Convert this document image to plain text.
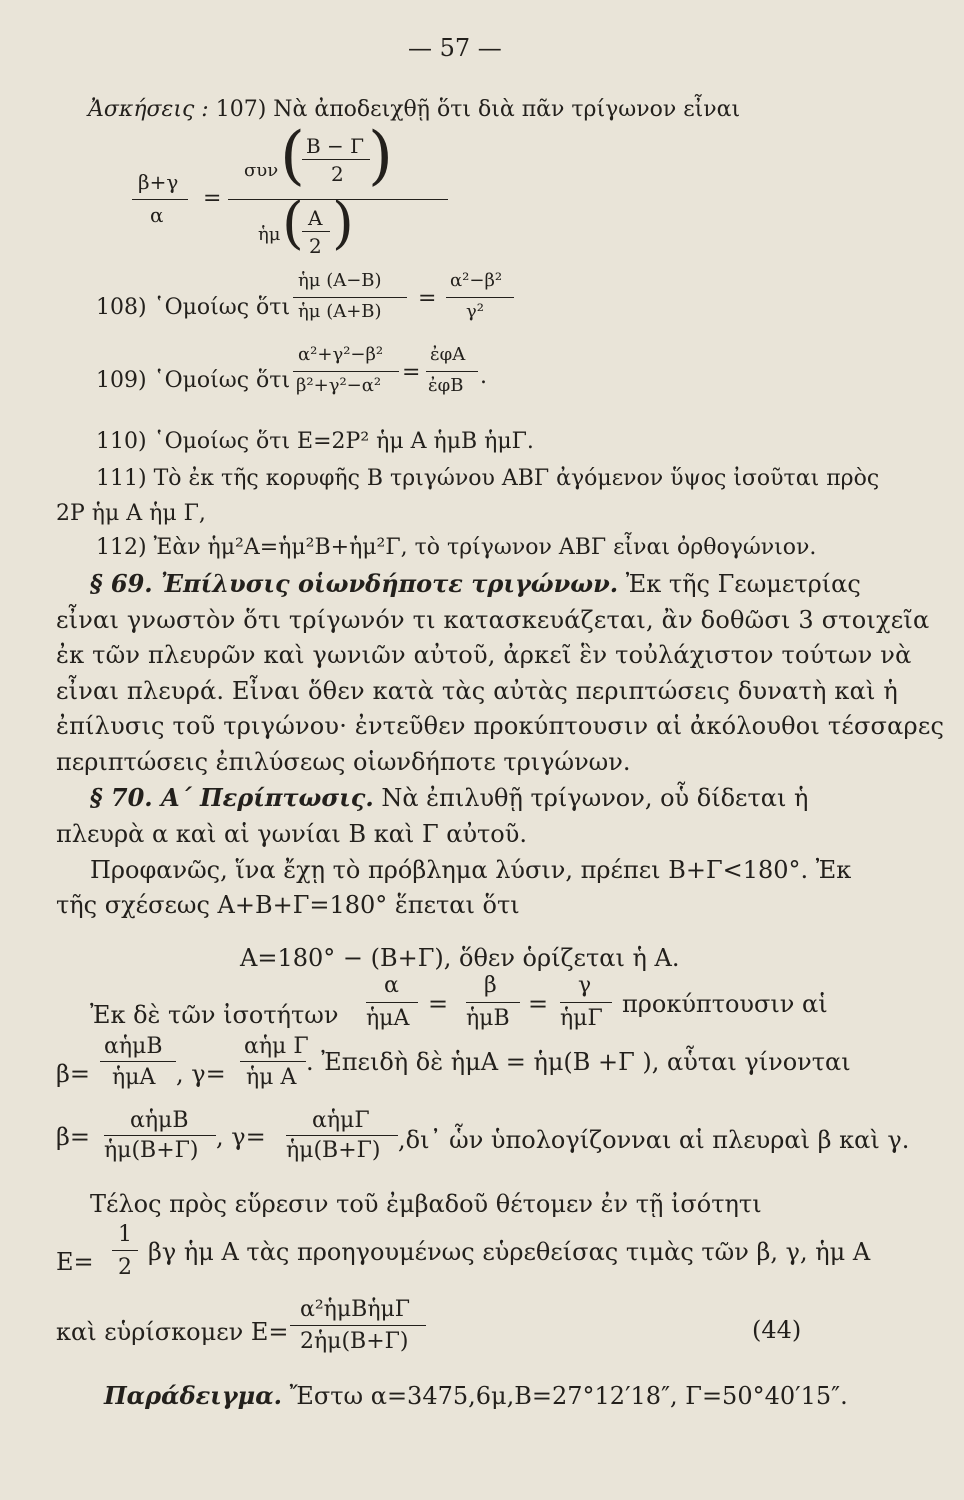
— 57 —
Ἀσκήσεις : 107) Νὰ ἀποδειχθῇ ὅτι διὰ πᾶν τρίγωνον εἶναι
β+γ
α
=
συν ( Β − Γ
2 )
ἡμ ( Α
2 )
108) ῾Ομοίως ὅτι
ἡμ (Α−Β)
ἡμ (Α+Β)
=
α²−β²
γ²
109) ῾Ομοίως ὅτι
α²+γ²−β²
β²+γ²−α²
=
ἐφΑ
ἐφΒ .
110) ῾Ομοίως ὅτι Ε=2Ρ² ἡμ Α ἡμΒ ἡμΓ.
111) Τὸ ἐκ τῆς κορυφῆς Β τριγώνου ΑΒΓ ἀγόμενον ὕψος ἰσοῦται πρὸς
2Ρ ἡμ Α ἡμ Γ,
112) Ἐὰν ἡμ²Α=ἡμ²Β+ἡμ²Γ, τὸ τρίγωνον ΑΒΓ εἶναι ὀρθογώνιον.
§ 69. Ἐπίλυσις οἱωνδήποτε τριγώνων. Ἐκ τῆς Γεωμετρίας
εἶναι γνωστὸν ὅτι τρίγωνόν τι κατασκευάζεται, ἂν δοθῶσι 3 στοιχεῖα
ἐκ τῶν πλευρῶν καὶ γωνιῶν αὐτοῦ, ἀρκεῖ ἓν τοὐλάχιστον τούτων νὰ
εἶναι πλευρά. Εἶναι ὅθεν κατὰ τὰς αὐτὰς περιπτώσεις δυνατὴ καὶ ἡ
ἐπίλυσις τοῦ τριγώνου· ἐντεῦθεν προκύπτουσιν αἱ ἀκόλουθοι τέσσαρες
περιπτώσεις ἐπιλύσεως οἱωνδήποτε τριγώνων.
§ 70. Α΄ Περίπτωσις. Νὰ ἐπιλυθῇ τρίγωνον, οὗ δίδεται ἡ
πλευρὰ α καὶ αἱ γωνίαι Β καὶ Γ αὐτοῦ.
Προφανῶς, ἵνα ἔχῃ τὸ πρόβλημα λύσιν, πρέπει Β+Γ<180°. Ἐκ
τῆς σχέσεως Α+Β+Γ=180° ἕπεται ὅτι
Α=180° − (Β+Γ), ὅθεν ὁρίζεται ἡ Α.
Ἐκ δὲ τῶν ἰσοτήτων
α
ἡμΑ
=
β
ἡμΒ
=
γ
ἡμΓ
προκύπτουσιν αἱ
β=
αἡμΒ
ἡμΑ , γ=
αἡμ Γ
ἡμ Α
. Ἐπειδὴ δὲ ἡμΑ = ἡμ(Β +Γ ), αὗται γίνονται
β=
αἡμΒ
ἡμ(Β+Γ) , γ=
αἡμΓ
ἡμ(Β+Γ) ,δι᾽ ὧν ὑπολογίζονναι αἱ πλευραὶ β καὶ γ.
Τέλος πρὸς εὕρεσιν τοῦ ἐμβαδοῦ θέτομεν ἐν τῇ ἰσότητι
Ε=
1
2
βγ ἡμ Α τὰς προηγουμένως εὑρεθείσας τιμὰς τῶν β, γ, ἡμ Α
καὶ εὑρίσκομεν Ε=
α²ἡμΒἡμΓ
2ἡμ(Β+Γ)	(44)
Παράδειγμα. Ἔστω α=3475,6μ,Β=27°12′18″, Γ=50°40′15″.
